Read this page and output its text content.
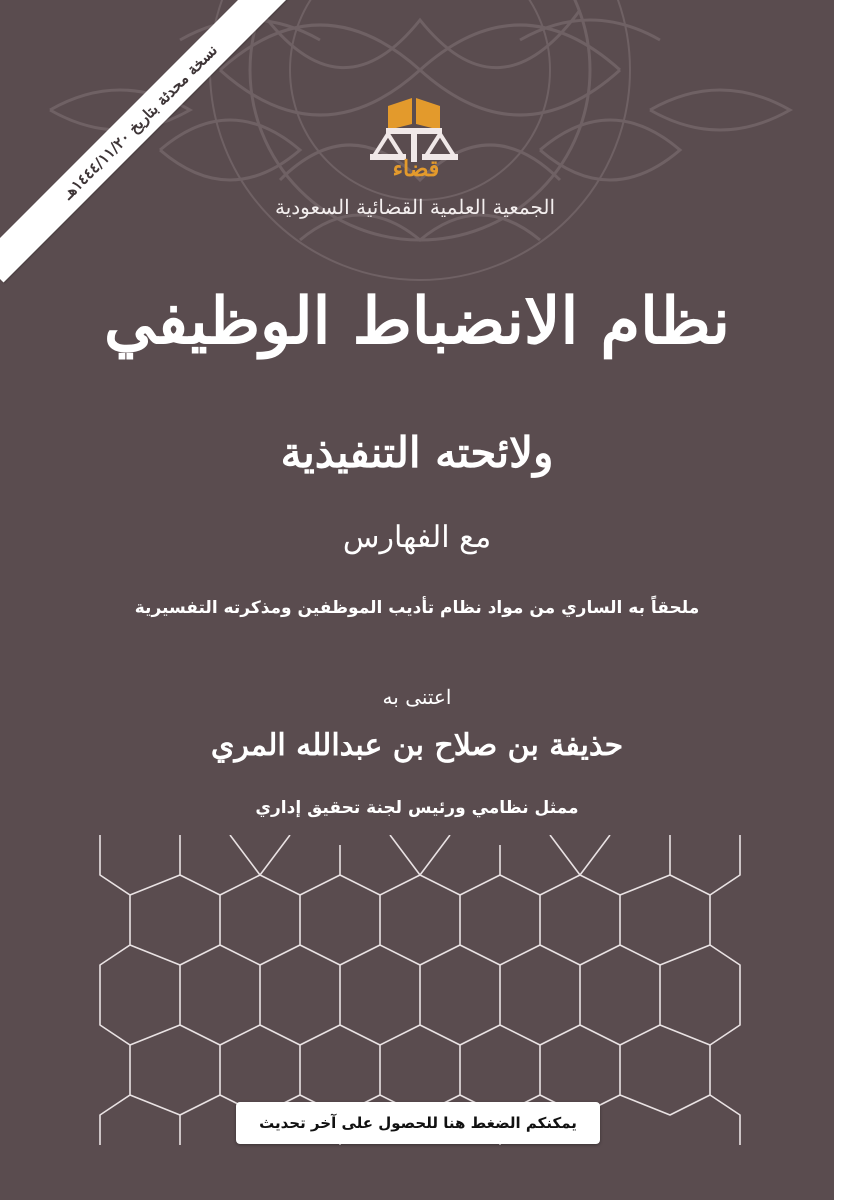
نسخة محدثة بتاريخ ١٤٤٤/١١/٢٠هـ
قضاء
الجمعية العلمية القضائية السعودية
نظام الانضباط الوظيفي
ولائحته التنفيذية
مع الفهارس
ملحقاً به الساري من مواد نظام تأديب الموظفين ومذكرته التفسيرية
اعتنى به
حذيفة بن صلاح بن عبدالله المري
ممثل نظامي ورئيس لجنة تحقيق إداري
يمكنكم الضغط هنا للحصول على آخر تحديث
